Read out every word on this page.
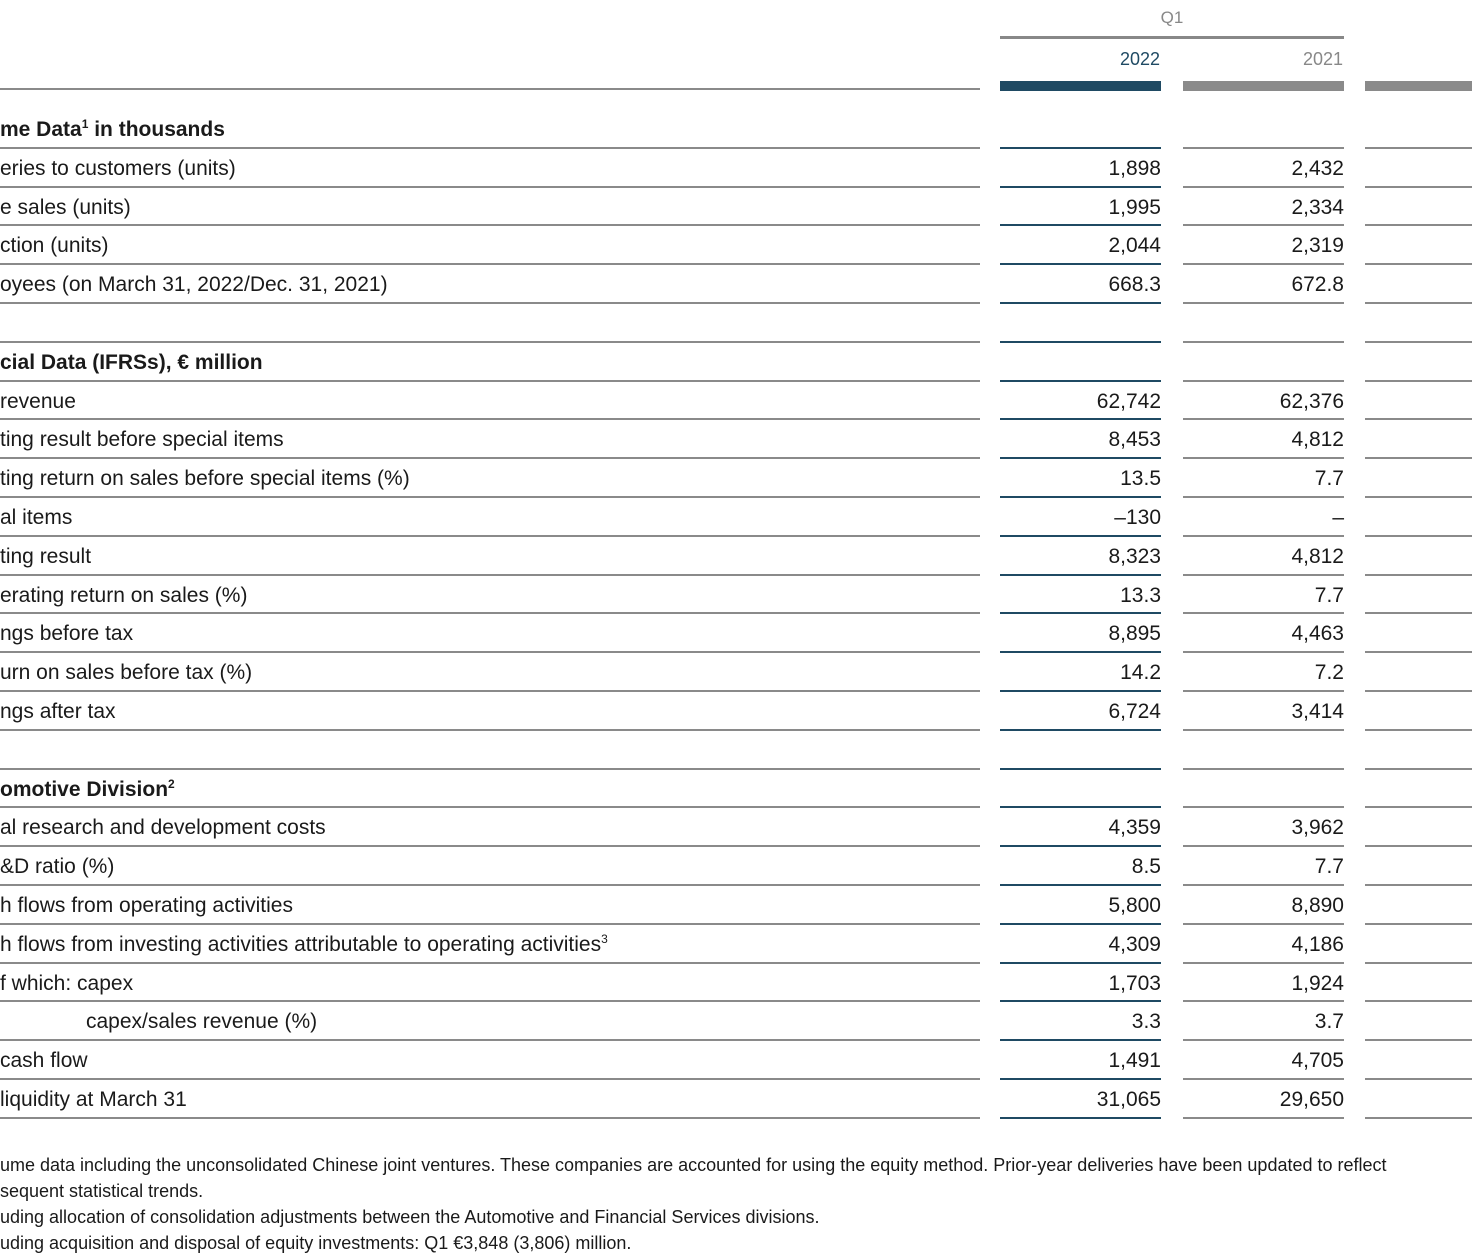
Q1
2022	2021
me Data$^1$ in thousands
eries to customers (units)	1,898	2,432
e sales (units)	1,995	2,334
ction (units)	2,044	2,319
oyees (on March 31, 2022/Dec. 31, 2021)	668.3	672.8
cial Data (IFRSs), € million
revenue	62,742	62,376
ting result before special items	8,453	4,812
ting return on sales before special items (%)	13.5	7.7
al items	–130	–
ting result	8,323	4,812
erating return on sales (%)	13.3	7.7
ngs before tax	8,895	4,463
urn on sales before tax (%)	14.2	7.2
ngs after tax	6,724	3,414
omotive Division$^2$
al research and development costs	4,359	3,962
&D ratio (%)	8.5	7.7
h flows from operating activities	5,800	8,890
h flows from investing activities attributable to operating activities$^3$	4,309	4,186
f which: capex	1,703	1,924
capex/sales revenue (%)	3.3	3.7
cash flow	1,491	4,705
liquidity at March 31	31,065	29,650
ume data including the unconsolidated Chinese joint ventures. These companies are accounted for using the equity method. Prior-year deliveries have been updated to reflect
sequent statistical trends.
uding allocation of consolidation adjustments between the Automotive and Financial Services divisions.
uding acquisition and disposal of equity investments: Q1 €3,848 (3,806) million.
